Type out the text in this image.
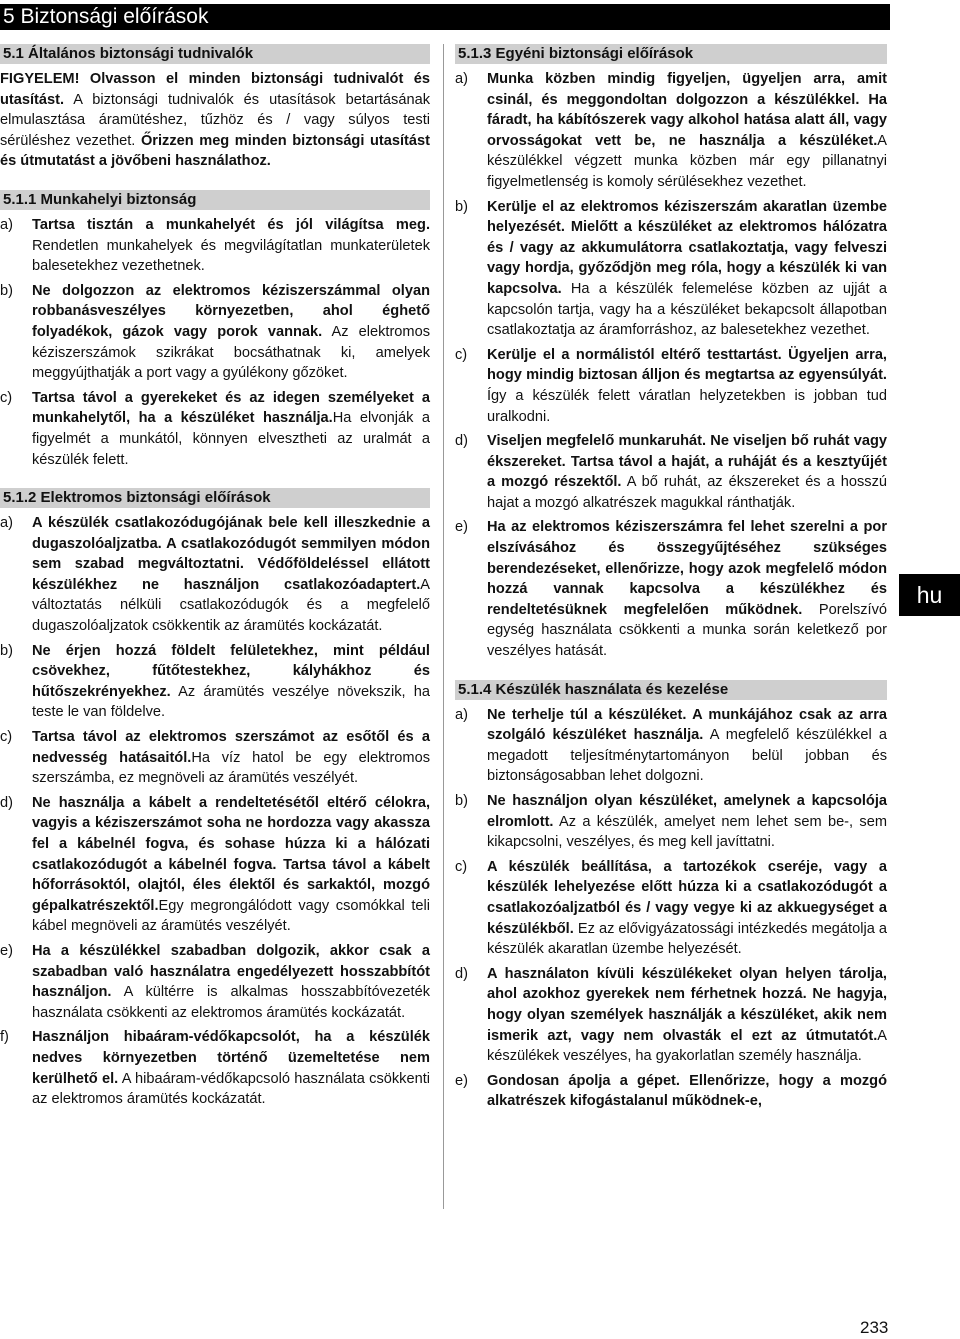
5 Biztonsági előírások
5.1 Általános biztonsági tudnivalók

FIGYELEM! Olvasson el minden biztonsági tudnivalót és utasítást. A biztonsági tudnivalók és utasítások betartásának elmulasztása áramütéshez, tűzhöz és / vagy súlyos testi sérüléshez vezethet. Őrizzen meg minden biztonsági utasítást és útmutatást a jövőbeni használathoz.

5.1.1 Munkahelyi biztonság
a) Tartsa tisztán a munkahelyét és jól világítsa meg. Rendetlen munkahelyek és megvilágítatlan munkaterületek balesetekhez vezethetnek.
b) Ne dolgozzon az elektromos kéziszerszámmal olyan robbanásveszélyes környezetben, ahol éghető folyadékok, gázok vagy porok vannak. Az elektromos kéziszerszámok szikrákat bocsáthatnak ki, amelyek meggyújthatják a port vagy a gyúlékony gőzöket.
c) Tartsa távol a gyerekeket és az idegen személyeket a munkahelytől, ha a készüléket használja.Ha elvonják a figyelmét a munkától, könnyen elvesztheti az uralmát a készülék felett.
5.1.2 Elektromos biztonsági előírások
a) A készülék csatlakozódugójának bele kell illeszkednie a dugaszolóaljzatba. A csatlakozódugót semmilyen módon sem szabad megváltoztatni. Védőföldeléssel ellátott készülékhez ne használjon csatlakozóadaptert.A változtatás nélküli csatlakozódugók és a megfelelő dugaszolóaljzatok csökkentik az áramütés kockázatát.
b) Ne érjen hozzá földelt felületekhez, mint például csövekhez, fűtőtestekhez, kályhákhoz és hűtőszekrényekhez. Az áramütés veszélye növekszik, ha teste le van földelve.
c) Tartsa távol az elektromos szerszámot az esőtől és a nedvesség hatásaitól.Ha víz hatol be egy elektromos szerszámba, ez megnöveli az áramütés veszélyét.
d) Ne használja a kábelt a rendeltetésétől eltérő célokra, vagyis a kéziszerszámot soha ne hordozza vagy akassza fel a kábelnél fogva, és sohase húzza ki a hálózati csatlakozódugót a kábelnél fogva. Tartsa távol a kábelt hőforrásoktól, olajtól, éles élektől és sarkaktól, mozgó gépalkatrészektől.Egy megrongálódott vagy csomókkal teli kábel megnöveli az áramütés veszélyét.
e) Ha a készülékkel szabadban dolgozik, akkor csak a szabadban való használatra engedélyezett hosszabbítót használjon. A kültérre is alkalmas hosszabbítóvezeték használata csökkenti az elektromos áramütés kockázatát.
f) Használjon hibaáram-védőkapcsolót, ha a készülék nedves környezetben történő üzemeltetése nem kerülhető el. A hibaáram-védőkapcsoló használata csökkenti az elektromos áramütés kockázatát.
5.1.3 Egyéni biztonsági előírások
a) Munka közben mindig figyeljen, ügyeljen arra, amit csinál, és meggondoltan dolgozzon a készülékkel. Ha fáradt, ha kábítószerek vagy alkohol hatása alatt áll, vagy orvosságokat vett be, ne használja a készüléket.A készülékkel végzett munka közben már egy pillanatnyi figyelmetlenség is komoly sérülésekhez vezethet.
b) Kerülje el az elektromos kéziszerszám akaratlan üzembe helyezését. Mielőtt a készüléket az elektromos hálózatra és / vagy az akkumulátorra csatlakoztatja, vagy felveszi vagy hordja, győződjön meg róla, hogy a készülék ki van kapcsolva. Ha a készülék felemelése közben az ujját a kapcsolón tartja, vagy ha a készüléket bekapcsolt állapotban csatlakoztatja az áramforráshoz, az balesetekhez vezethet.
c) Kerülje el a normálistól eltérő testtartást. Ügyeljen arra, hogy mindig biztosan álljon és megtartsa az egyensúlyát. Így a készülék felett váratlan helyzetekben is jobban tud uralkodni.
d) Viseljen megfelelő munkaruhát. Ne viseljen bő ruhát vagy ékszereket. Tartsa távol a haját, a ruháját és a kesztyűjét a mozgó részektől. A bő ruhát, az ékszereket és a hosszú hajat a mozgó alkatrészek magukkal ránthatják.
e) Ha az elektromos kéziszerszámra fel lehet szerelni a por elszívásához és összegyűjtéséhez szükséges berendezéseket, ellenőrizze, hogy azok megfelelő módon hozzá vannak kapcsolva a készülékhez és rendeltetésüknek megfelelően működnek. Porelszívó egység használata csökkenti a munka során keletkező por veszélyes hatását.
5.1.4 Készülék használata és kezelése
a) Ne terhelje túl a készüléket. A munkájához csak az arra szolgáló készüléket használja. A megfelelő készülékkel a megadott teljesítménytartományon belül jobban és biztonságosabban lehet dolgozni.
b) Ne használjon olyan készüléket, amelynek a kapcsolója elromlott. Az a készülék, amelyet nem lehet sem be-, sem kikapcsolni, veszélyes, és meg kell javíttatni.
c) A készülék beállítása, a tartozékok cseréje, vagy a készülék lehelyezése előtt húzza ki a csatlakozódugót a csatlakozóaljzatból és / vagy vegye ki az akkuegységet a készülékből. Ez az elővigyázatossági intézkedés megátolja a készülék akaratlan üzembe helyezését.
d) A használaton kívüli készülékeket olyan helyen tárolja, ahol azokhoz gyerekek nem férhetnek hozzá. Ne hagyja, hogy olyan személyek használják a készüléket, akik nem ismerik azt, vagy nem olvasták el ezt az útmutatót.A készülékek veszélyes, ha gyakorlatlan személy használja.
e) Gondosan ápolja a gépet. Ellenőrizze, hogy a mozgó alkatrészek kifogástalanul működnek-e,
hu
233
